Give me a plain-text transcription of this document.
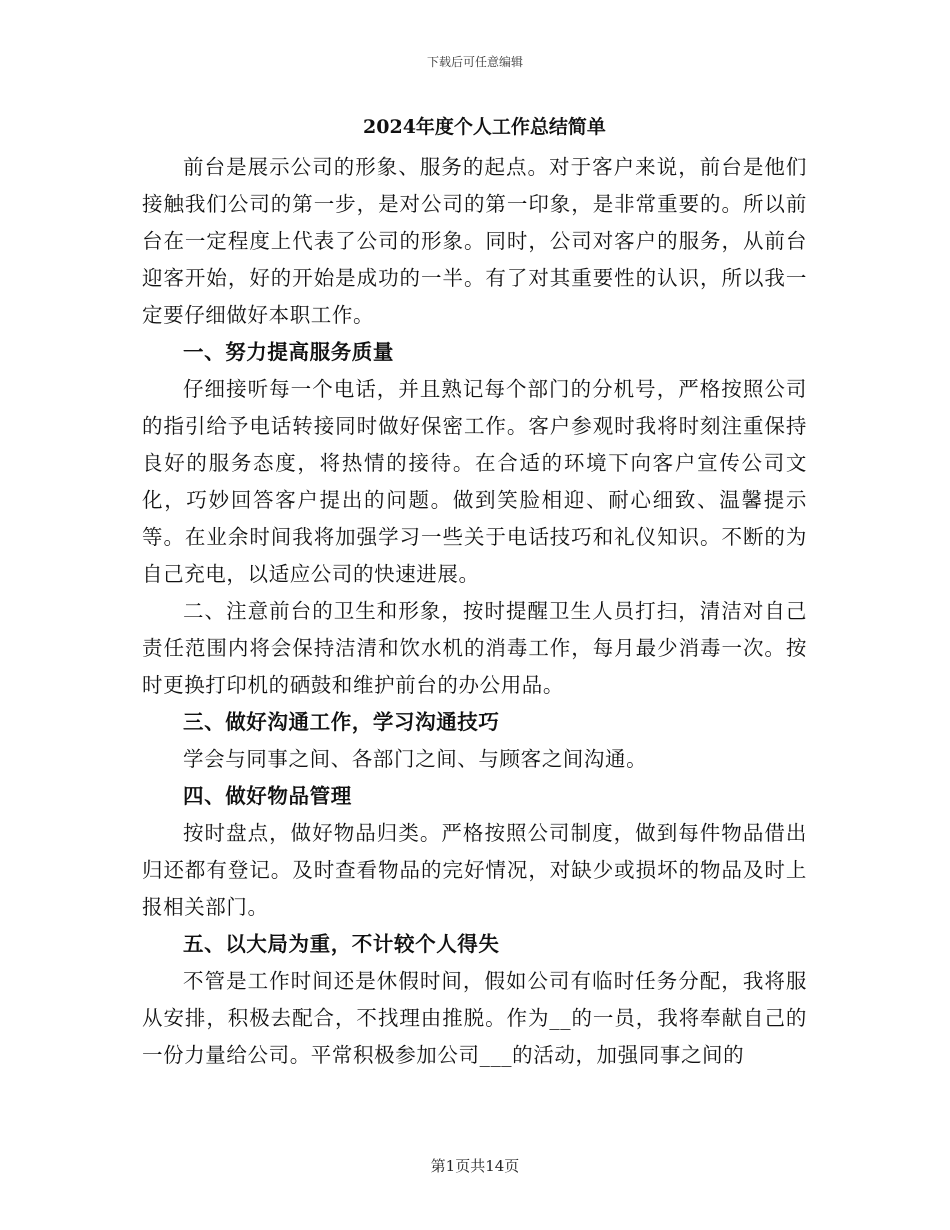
下载后可任意编辑
2024年度个人工作总结简单

前台是展示公司的形象、服务的起点。对于客户来说，前台是他们接触我们公司的第一步，是对公司的第一印象，是非常重要的。所以前台在一定程度上代表了公司的形象。同时，公司对客户的服务，从前台迎客开始，好的开始是成功的一半。有了对其重要性的认识，所以我一定要仔细做好本职工作。

一、努力提高服务质量

仔细接听每一个电话，并且熟记每个部门的分机号，严格按照公司的指引给予电话转接同时做好保密工作。客户参观时我将时刻注重保持良好的服务态度，将热情的接待。在合适的环境下向客户宣传公司文化，巧妙回答客户提出的问题。做到笑脸相迎、耐心细致、温馨提示等。在业余时间我将加强学习一些关于电话技巧和礼仪知识。不断的为自己充电，以适应公司的快速进展。

二、注意前台的卫生和形象，按时提醒卫生人员打扫，清洁对自己责任范围内将会保持洁清和饮水机的消毒工作，每月最少消毒一次。按时更换打印机的硒鼓和维护前台的办公用品。

三、做好沟通工作，学习沟通技巧

学会与同事之间、各部门之间、与顾客之间沟通。

四、做好物品管理

按时盘点，做好物品归类。严格按照公司制度，做到每件物品借出归还都有登记。及时查看物品的完好情况，对缺少或损坏的物品及时上报相关部门。

五、以大局为重，不计较个人得失

不管是工作时间还是休假时间，假如公司有临时任务分配，我将服从安排，积极去配合，不找理由推脱。作为__的一员，我将奉献自己的一份力量给公司。平常积极参加公司___的活动，加强同事之间的

第1页共14页
